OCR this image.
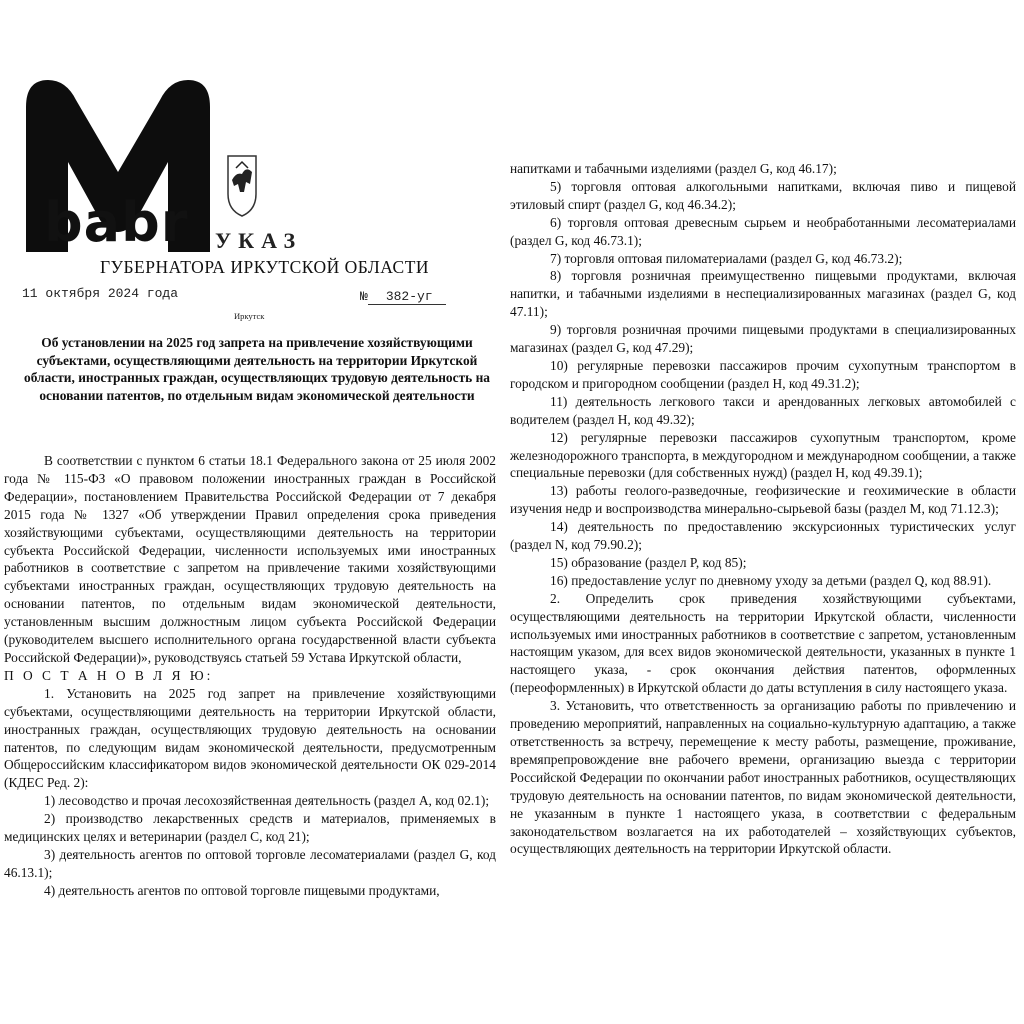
babr УКАЗ
ГУБЕРНАТОРА ИРКУТСКОЙ ОБЛАСТИ
11 октября 2024 года	№ 382-уг
Иркутск
Об установлении на 2025 год запрета на привлечение хозяйствующими субъектами, осуществляющими деятельность на территории Иркутской области, иностранных граждан, осуществляющих трудовую деятельность на основании патентов, по отдельным видам экономической деятельности

В соответствии с пунктом 6 статьи 18.1 Федерального закона от 25 июля 2002 года № 115-ФЗ «О правовом положении иностранных граждан в Российской Федерации», постановлением Правительства Российской Федерации от 7 декабря 2015 года № 1327 «Об утверждении Правил определения срока приведения хозяйствующими субъектами, осуществляющими деятельность на территории субъекта Российской Федерации, численности используемых ими иностранных работников в соответствие с запретом на привлечение такими хозяйствующими субъектами иностранных граждан, осуществляющих трудовую деятельность на основании патентов, по отдельным видам экономической деятельности, установленным высшим должностным лицом субъекта Российской Федерации (руководителем высшего исполнительного органа государственной власти субъекта Российской Федерации)», руководствуясь статьей 59 Устава Иркутской области,

П О С Т А Н О В Л Я Ю:

1. Установить на 2025 год запрет на привлечение хозяйствующими субъектами, осуществляющими деятельность на территории Иркутской области, иностранных граждан, осуществляющих трудовую деятельность на основании патентов, по следующим видам экономической деятельности, предусмотренным Общероссийским классификатором видов экономической деятельности ОК 029-2014 (КДЕС Ред. 2):

1) лесоводство и прочая лесохозяйственная деятельность (раздел A, код 02.1);

2) производство лекарственных средств и материалов, применяемых в медицинских целях и ветеринарии (раздел C, код 21);

3) деятельность агентов по оптовой торговле лесоматериалами (раздел G, код 46.13.1);

4) деятельность агентов по оптовой торговле пищевыми продуктами,

напитками и табачными изделиями (раздел G, код 46.17);

5) торговля оптовая алкогольными напитками, включая пиво и пищевой этиловый спирт (раздел G, код 46.34.2);

6) торговля оптовая древесным сырьем и необработанными лесоматериалами (раздел G, код 46.73.1);

7) торговля оптовая пиломатериалами (раздел G, код 46.73.2);

8) торговля розничная преимущественно пищевыми продуктами, включая напитки, и табачными изделиями в неспециализированных магазинах (раздел G, код 47.11);

9) торговля розничная прочими пищевыми продуктами в специализированных магазинах (раздел G, код 47.29);

10) регулярные перевозки пассажиров прочим сухопутным транспортом в городском и пригородном сообщении (раздел H, код 49.31.2);

11) деятельность легкового такси и арендованных легковых автомобилей с водителем (раздел H, код 49.32);

12) регулярные перевозки пассажиров сухопутным транспортом, кроме железнодорожного транспорта, в междугородном и международном сообщении, а также специальные перевозки (для собственных нужд) (раздел H, код 49.39.1);

13) работы геолого-разведочные, геофизические и геохимические в области изучения недр и воспроизводства минерально-сырьевой базы (раздел M, код 71.12.3);

14) деятельность по предоставлению экскурсионных туристических услуг (раздел N, код 79.90.2);

15) образование (раздел P, код 85);

16) предоставление услуг по дневному уходу за детьми (раздел Q, код 88.91).

2. Определить срок приведения хозяйствующими субъектами, осуществляющими деятельность на территории Иркутской области, численности используемых ими иностранных работников в соответствие с запретом, установленным настоящим указом, для всех видов экономической деятельности, указанных в пункте 1 настоящего указа, - срок окончания действия патентов, оформленных (переоформленных) в Иркутской области до даты вступления в силу настоящего указа.

3. Установить, что ответственность за организацию работы по привлечению и проведению мероприятий, направленных на социально-культурную адаптацию, а также ответственность за встречу, перемещение к месту работы, размещение, проживание, времяпрепровождение вне рабочего времени, организацию выезда с территории Российской Федерации по окончании работ иностранных работников, осуществляющих трудовую деятельность на основании патентов, по видам экономической деятельности, не указанным в пункте 1 настоящего указа, в соответствии с федеральным законодательством возлагается на их работодателей – хозяйствующих субъектов, осуществляющих деятельность на территории Иркутской области.
